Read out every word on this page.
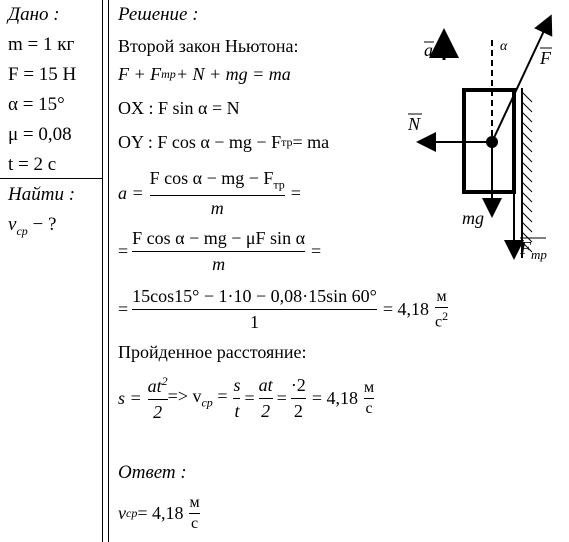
Дано :
m = 1 кг
F = 15 Н
α = 15°
μ = 0,08
t = 2 с
Найти :
$v_{ср}$ − ?
Решение :
Второй закон Ньютона:
F + F тр + N + mg = ma
OX : F sin α = N
OY : F cos α − mg − F тр = ma
$a = \frac{F \cos \alpha - mg - F_{тр}}{m}$ =
= $\frac{\text{F cos α − mg − μF sin α}}{m}$ =
= $\frac{15\cos 15^\circ - 1\cdot 10 - 0,08\cdot 15\sin 60^\circ}{1} = 4,18$
м
$с^2$
Пройденное расстояние:
$s = \frac{at^2}{2} => v_{ср} = \frac{s}{t} = \frac{at}{2} = \frac{\cdot 2}{2} = 4,18$
м
с
Ответ :
v ср = 4,18
м
с
a	α
F
N
mg
$F_{тр}$
